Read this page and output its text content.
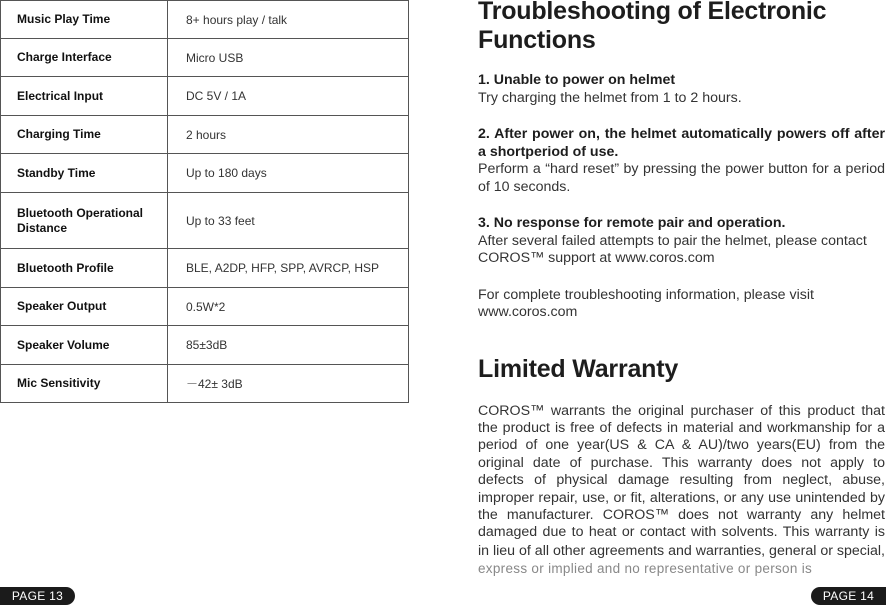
Music Play Time	8+ hours play / talk
Charge Interface	Micro USB
Electrical Input	DC 5V / 1A
Charging Time	2 hours
Standby Time	Up to 180 days
Bluetooth Operational Distance	Up to 33 feet
Bluetooth Profile	BLE, A2DP, HFP, SPP, AVRCP, HSP
Speaker Output	0.5W*2
Speaker Volume	85±3dB
Mic Sensitivity	－42± 3dB
Troubleshooting of Electronic Functions
1. Unable to power on helmet
Try charging the helmet from 1 to 2 hours.
2. After power on, the helmet automatically powers off after a shortperiod of use.
Perform a “hard reset” by pressing the power button for a period of 10 seconds.
3. No response for remote pair and operation.
After several failed attempts to pair the helmet, please contact COROS™ support at www.coros.com
For complete troubleshooting information, please visit www.coros.com
Limited Warranty
COROS™ warrants the original purchaser of this product that the product is free of defects in material and workmanship for a period of one year(US & CA & AU)/two years(EU) from the original date of purchase. This warranty does not apply to defects of physical damage resulting from neglect, abuse, improper repair, use, or fit, alterations, or any use unintended by the manufacturer. COROS™ does not warranty any helmet damaged due to heat or contact with solvents. This warranty is in lieu of all other agreements and warranties, general or special, express or implied and no representative or person is
PAGE 13	PAGE 14
